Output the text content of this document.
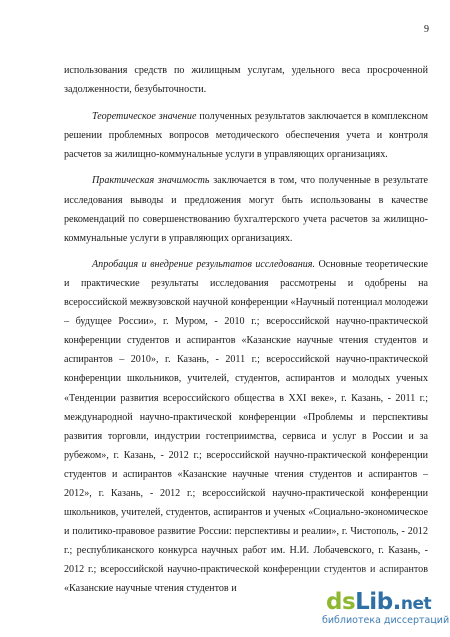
9

использования средств по жилищным услугам, удельного веса просроченной задолженности, безубыточности.

Теоретическое значение полученных результатов заключается в комплексном решении проблемных вопросов методического обеспечения учета и контроля расчетов за жилищно-коммунальные услуги в управляющих организациях.

Практическая значимость заключается в том, что полученные в результате исследования выводы и предложения могут быть использованы в качестве рекомендаций по совершенствованию бухгалтерского учета расчетов за жилищно-коммунальные услуги в управляющих организациях.

Апробация и внедрение результатов исследования. Основные теоретические и практические результаты исследования рассмотрены и одобрены на всероссийской межвузовской научной конференции «Научный потенциал молодежи – будущее России», г. Муром, - 2010 г.; всероссийской научно-практической конференции студентов и аспирантов «Казанские научные чтения студентов и аспирантов – 2010», г. Казань, - 2011 г.; всероссийской научно-практической конференции школьников, учителей, студентов, аспирантов и молодых ученых «Тенденции развития всероссийского общества в XXI веке», г. Казань, - 2011 г.; международной научно-практической конференции «Проблемы и перспективы развития торговли, индустрии гостеприимства, сервиса и услуг в России и за рубежом», г. Казань, - 2012 г.; всероссийской научно-практической конференции студентов и аспирантов «Казанские научные чтения студентов и аспирантов – 2012», г. Казань, - 2012 г.; всероссийской научно-практической конференции школьников, учителей, студентов, аспирантов и ученых «Социально-экономическое и политико-правовое развитие России: перспективы и реалии», г. Чистополь, - 2012 г.; республиканского конкурса научных работ им. Н.И. Лобачевского, г. Казань, - 2012 г.; всероссийской научно-практической конференции студентов и аспирантов «Казанские научные чтения студентов и

dsLib.net
библиотека диссертаций
